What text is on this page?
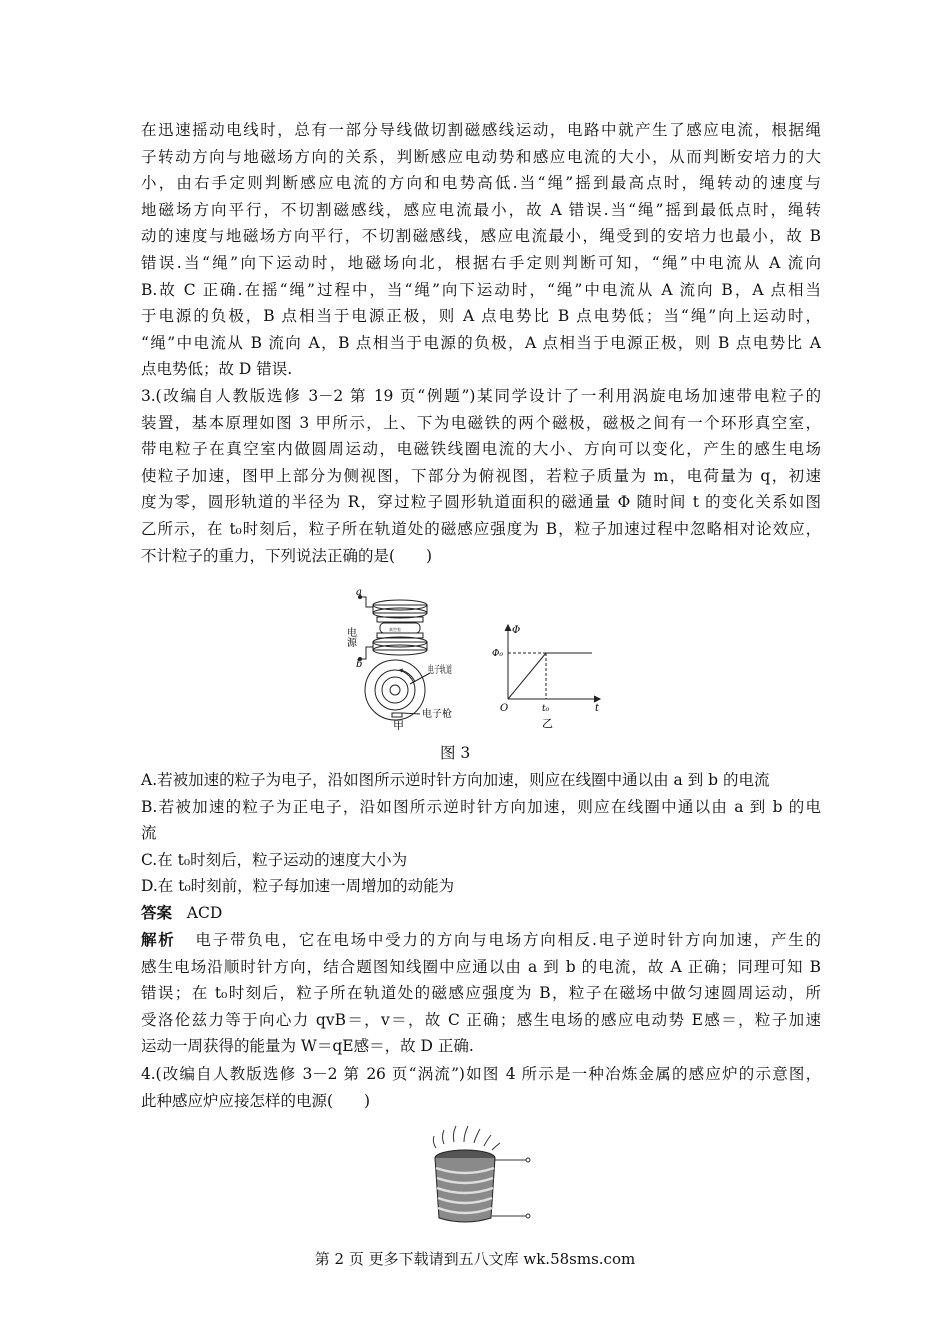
在迅速摇动电线时，总有一部分导线做切割磁感线运动，电路中就产生了感应电流，根据绳

子转动方向与地磁场方向的关系，判断感应电动势和感应电流的大小，从而判断安培力的大

小，由右手定则判断感应电流的方向和电势高低.当“绳”摇到最高点时，绳转动的速度与

地磁场方向平行，不切割磁感线，感应电流最小，故 A 错误.当“绳”摇到最低点时，绳转

动的速度与地磁场方向平行，不切割磁感线，感应电流最小，绳受到的安培力也最小，故 B

错误.当“绳”向下运动时，地磁场向北，根据右手定则判断可知，“绳”中电流从 A 流向

B.故 C 正确.在摇“绳”过程中，当“绳”向下运动时，“绳”中电流从 A 流向 B，A 点相当

于电源的负极，B 点相当于电源正极，则 A 点电势比 B 点电势低；当“绳”向上运动时，

“绳”中电流从 B 流向 A，B 点相当于电源的负极，A 点相当于电源正极，则 B 点电势比 A

点电势低；故 D 错误.

3.(改编自人教版选修 3－2 第 19 页“例题”)某同学设计了一利用涡旋电场加速带电粒子的

装置，基本原理如图 3 甲所示，上、下为电磁铁的两个磁极，磁极之间有一个环形真空室，

带电粒子在真空室内做圆周运动，电磁铁线圈电流的大小、方向可以变化，产生的感生电场

使粒子加速，图甲上部分为侧视图，下部分为俯视图，若粒子质量为 m，电荷量为 q，初速

度为零，圆形轨道的半径为 R，穿过粒子圆形轨道面积的磁通量 Φ 随时间 t 的变化关系如图

乙所示，在 t₀时刻后，粒子所在轨道处的磁感应强度为 B，粒子加速过程中忽略相对论效应，

不计粒子的重力，下列说法正确的是(　　)

a
b
电源	真空室
电子轨道
电子枪
甲
Φ
Φ₀
O	t₀	t
乙
图 3

A.若被加速的粒子为电子，沿如图所示逆时针方向加速，则应在线圈中通以由 a 到 b 的电流

B.若被加速的粒子为正电子，沿如图所示逆时针方向加速，则应在线圈中通以由 a 到 b 的电

流

C.在 t₀时刻后，粒子运动的速度大小为

D.在 t₀时刻前，粒子每加速一周增加的动能为

答案 ACD

解析 电子带负电，它在电场中受力的方向与电场方向相反.电子逆时针方向加速，产生的

感生电场沿顺时针方向，结合题图知线圈中应通以由 a 到 b 的电流，故 A 正确；同理可知 B

错误；在 t₀时刻后，粒子所在轨道处的磁感应强度为 B，粒子在磁场中做匀速圆周运动，所

受洛伦兹力等于向心力 qvB＝，v＝，故 C 正确；感生电场的感应电动势 E感＝，粒子加速

运动一周获得的能量为 W＝qE感＝，故 D 正确.

4.(改编自人教版选修 3－2 第 26 页“涡流”)如图 4 所示是一种冶炼金属的感应炉的示意图，

此种感应炉应接怎样的电源(　　)

第 2 页 更多下载请到五八文库 wk.58sms.com
